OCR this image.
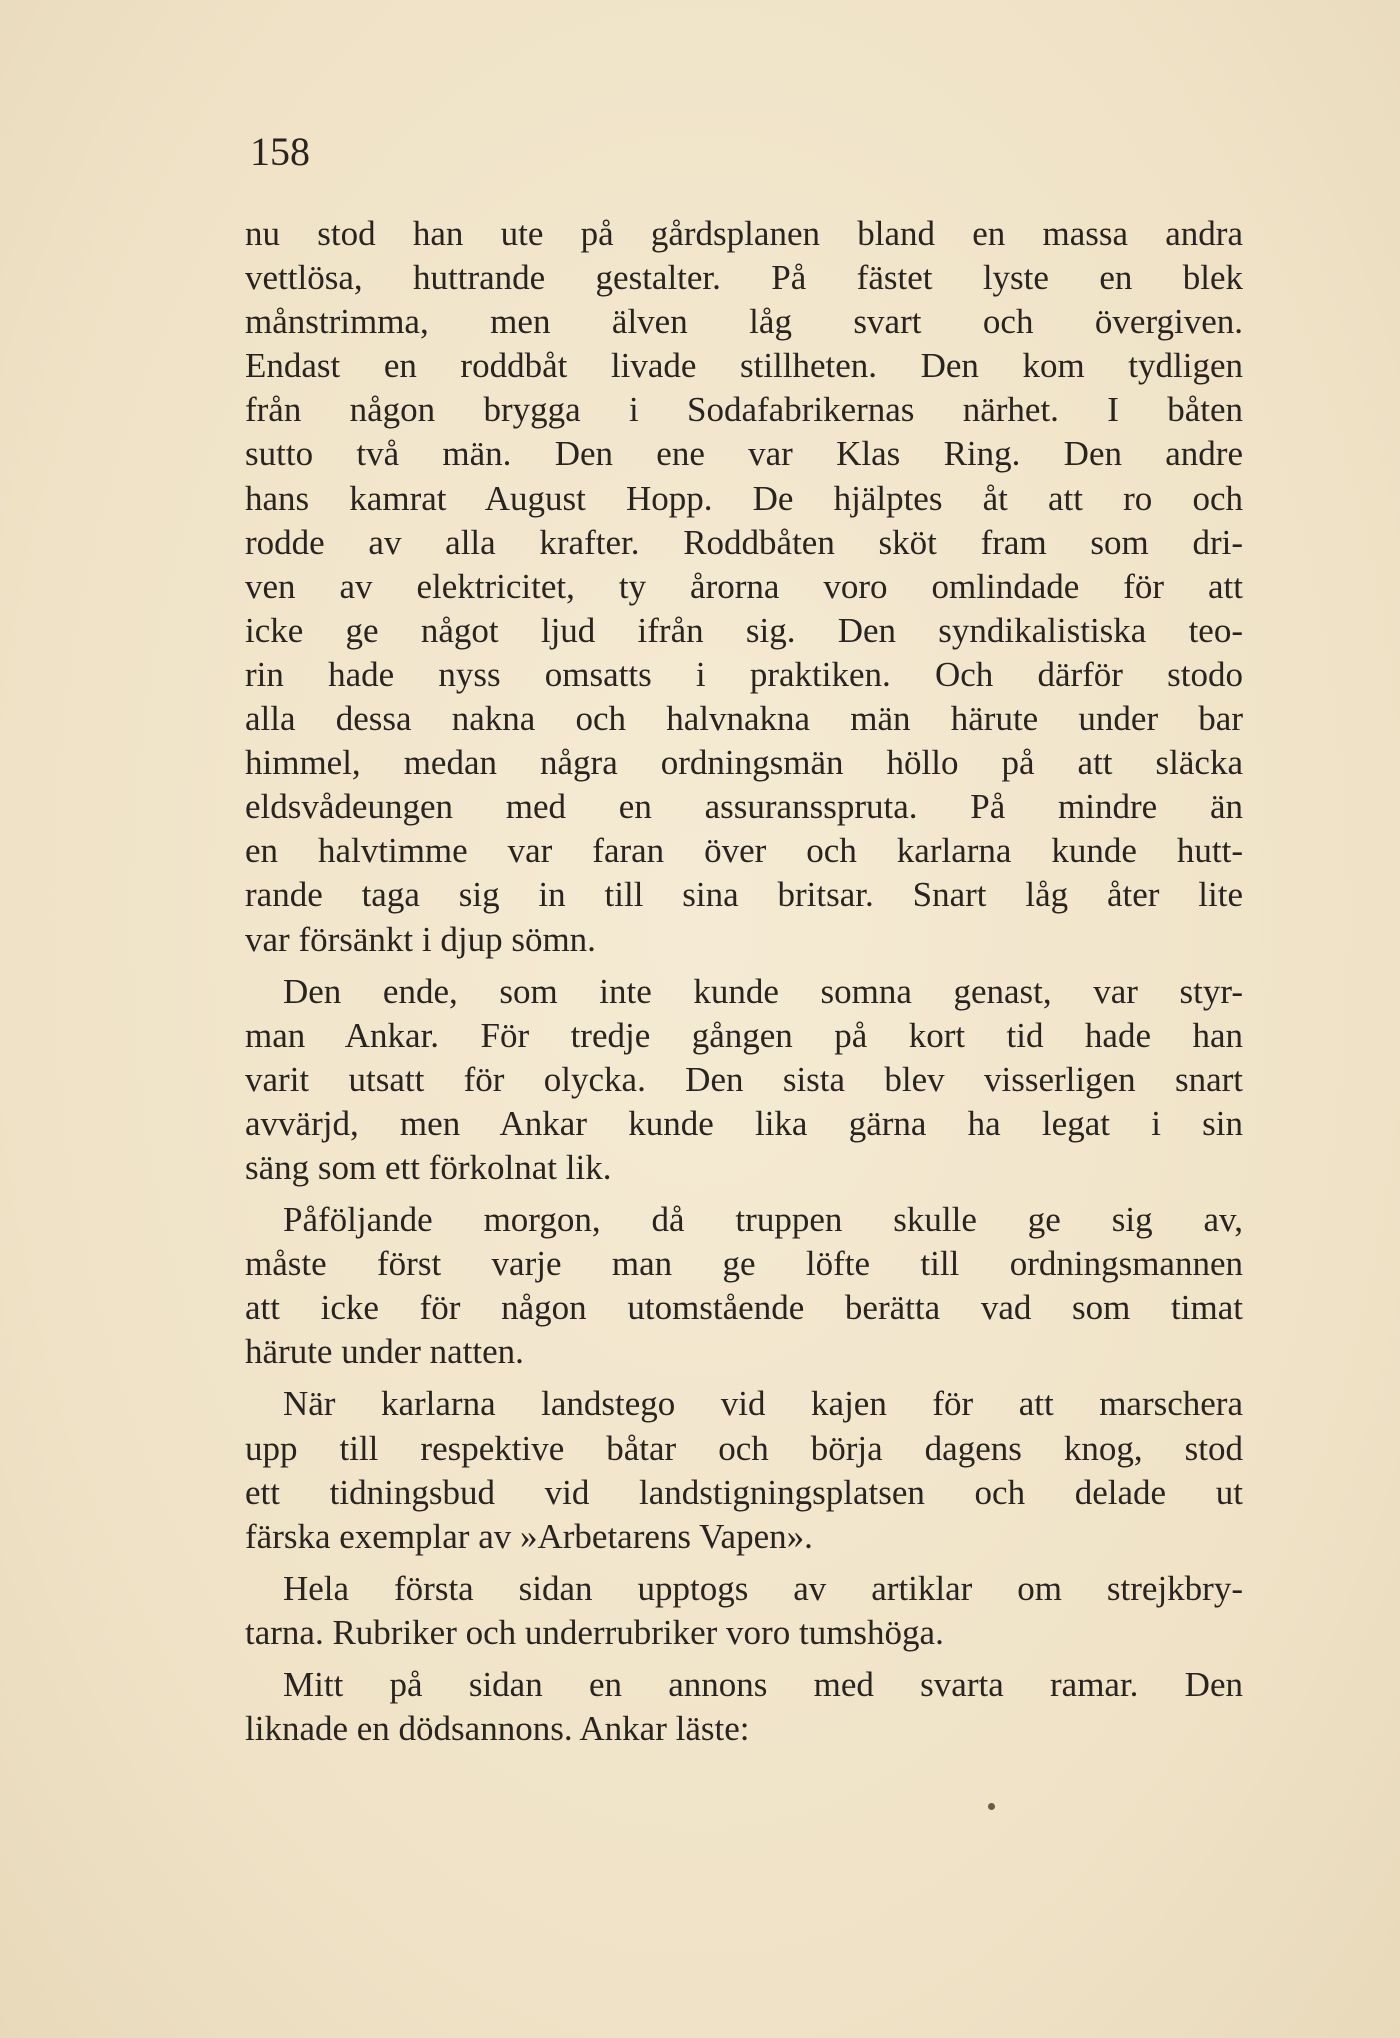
158

nu stod han ute på gårdsplanen bland en massa andra
vettlösa, huttrande gestalter. På fästet lyste en blek
månstrimma, men älven låg svart och övergiven.
Endast en roddbåt livade stillheten. Den kom tydligen
från någon brygga i Sodafabrikernas närhet. I båten
sutto två män. Den ene var Klas Ring. Den andre
hans kamrat August Hopp. De hjälptes åt att ro och
rodde av alla krafter. Roddbåten sköt fram som dri-
ven av elektricitet, ty årorna voro omlindade för att
icke ge något ljud ifrån sig. Den syndikalistiska teo-
rin hade nyss omsatts i praktiken. Och därför stodo
alla dessa nakna och halvnakna män härute under bar
himmel, medan några ordningsmän höllo på att släcka
eldsvådeungen med en assuransspruta. På mindre än
en halvtimme var faran över och karlarna kunde hutt-
rande taga sig in till sina britsar. Snart låg åter lite
var försänkt i djup sömn.
Den ende, som inte kunde somna genast, var styr-
man Ankar. För tredje gången på kort tid hade han
varit utsatt för olycka. Den sista blev visserligen snart
avvärjd, men Ankar kunde lika gärna ha legat i sin
säng som ett förkolnat lik.
Påföljande morgon, då truppen skulle ge sig av,
måste först varje man ge löfte till ordningsmannen
att icke för någon utomstående berätta vad som timat
härute under natten.
När karlarna landstego vid kajen för att marschera
upp till respektive båtar och börja dagens knog, stod
ett tidningsbud vid landstigningsplatsen och delade ut
färska exemplar av »Arbetarens Vapen».
Hela första sidan upptogs av artiklar om strejkbry-
tarna. Rubriker och underrubriker voro tumshöga.
Mitt på sidan en annons med svarta ramar. Den
liknade en dödsannons. Ankar läste:
